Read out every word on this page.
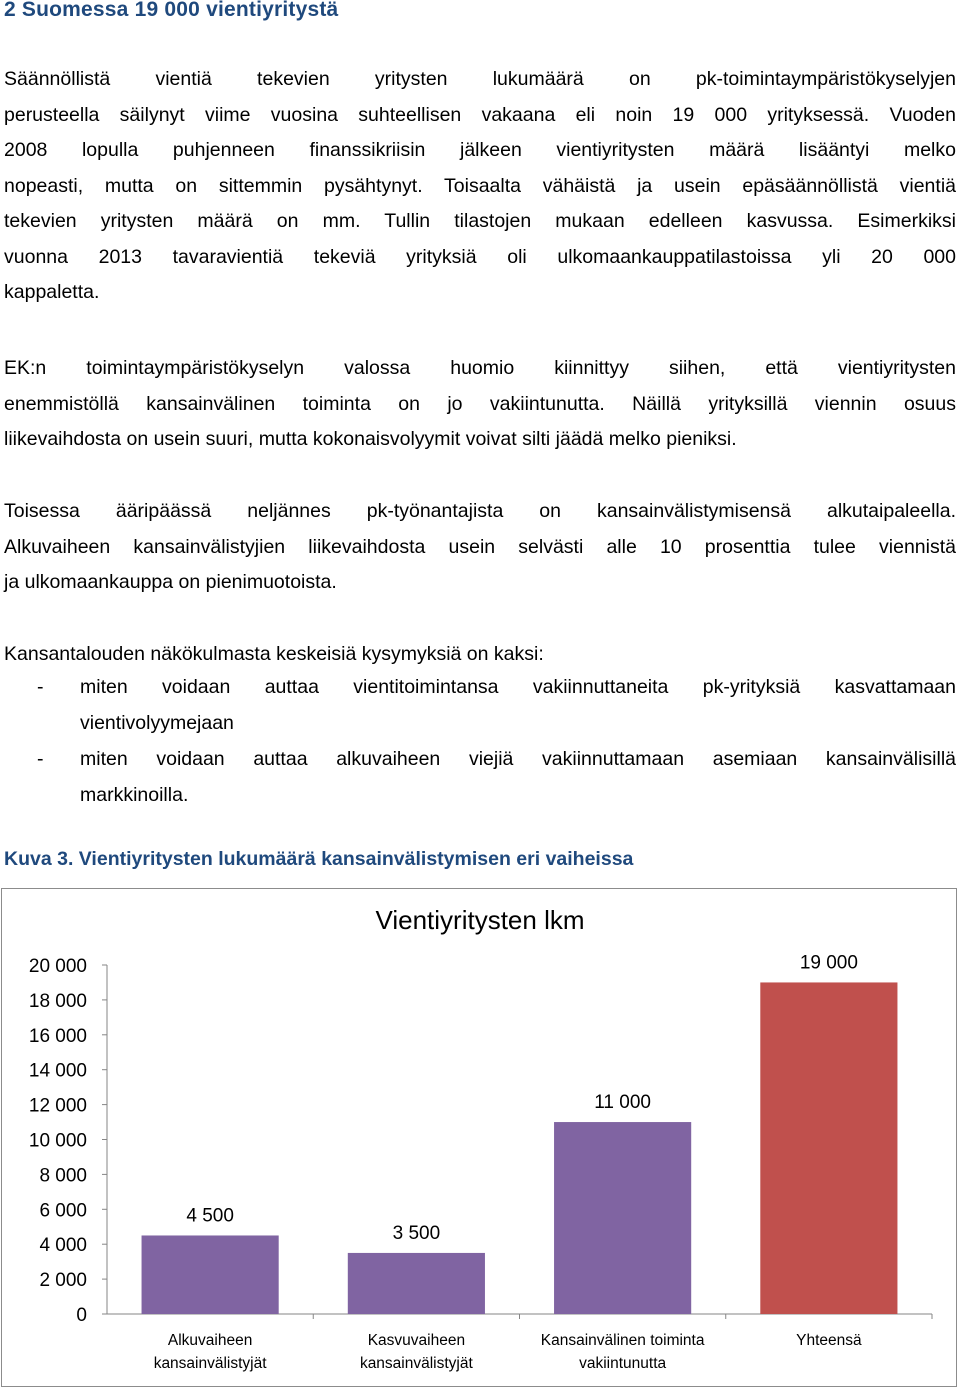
2 Suomessa 19 000 vientiyritystä
Säännöllistä vientiä tekevien yritysten lukumäärä on pk-toimintaympäristökyselyjen
perusteella säilynyt viime vuosina suhteellisen vakaana eli noin 19 000 yrityksessä. Vuoden
2008 lopulla puhjenneen finanssikriisin jälkeen vientiyritysten määrä lisääntyi melko
nopeasti, mutta on sittemmin pysähtynyt. Toisaalta vähäistä ja usein epäsäännöllistä vientiä
tekevien yritysten määrä on mm. Tullin tilastojen mukaan edelleen kasvussa. Esimerkiksi
vuonna 2013 tavaravientiä tekeviä yrityksiä oli ulkomaankauppatilastoissa yli 20 000
kappaletta.
EK:n toimintaympäristökyselyn valossa huomio kiinnittyy siihen, että vientiyritysten
enemmistöllä kansainvälinen toiminta on jo vakiintunutta. Näillä yrityksillä viennin osuus
liikevaihdosta on usein suuri, mutta kokonaisvolyymit voivat silti jäädä melko pieniksi.
Toisessa ääripäässä neljännes pk-työnantajista on kansainvälistymisensä alkutaipaleella.
Alkuvaiheen kansainvälistyjien liikevaihdosta usein selvästi alle 10 prosenttia tulee viennistä
ja ulkomaankauppa on pienimuotoista.
Kansantalouden näkökulmasta keskeisiä kysymyksiä on kaksi:
- miten voidaan auttaa vientitoimintansa vakiinnuttaneita pk-yrityksiä kasvattamaan
vientivolyymejaan
- miten voidaan auttaa alkuvaiheen viejiä vakiinnuttamaan asemiaan kansainvälisillä
markkinoilla.
Kuva 3. Vientiyritysten lukumäärä kansainvälistymisen eri vaiheissa
Vientiyritysten lkm
0
2 000
4 000
6 000
8 000
10 000
12 000
14 000
16 000
18 000
20 000
4 500
Alkuvaiheen
kansainvälistyjät
3 500
Kasvuvaiheen
kansainvälistyjät
11 000
Kansainvälinen toiminta
vakiintunutta
19 000
Yhteensä
